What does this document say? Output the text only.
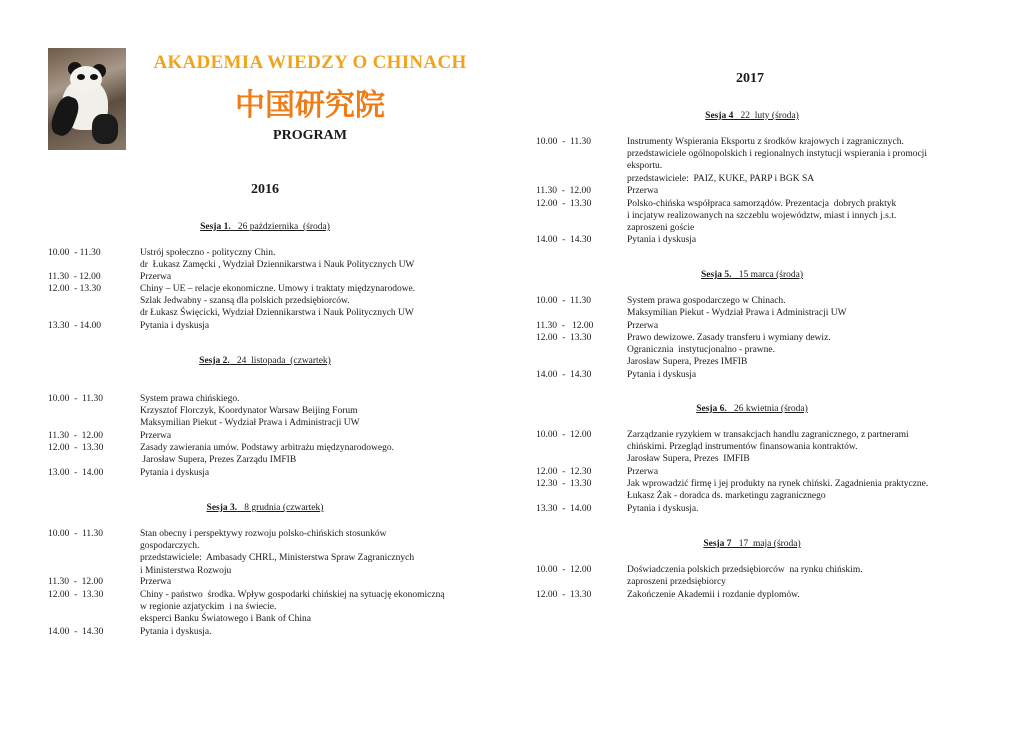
AKADEMIA WIEDZY O CHINACH
中国研究院
PROGRAM
2016
2017
Sesja 1.   26 października  (środa)
10.00  - 11.30	Ustrój społeczno - polityczny Chin.
dr  Łukasz Zamęcki , Wydział Dziennikarstwa i Nauk Politycznych UW
11.30  - 12.00	Przerwa
12.00  - 13.30	Chiny – UE – relacje ekonomiczne. Umowy i traktaty międzynarodowe.
Szlak Jedwabny - szansą dla polskich przedsiębiorców.
dr Łukasz Święcicki, Wydział Dziennikarstwa i Nauk Politycznych UW
13.30  - 14.00	Pytania i dyskusja
Sesja 2.   24  listopada  (czwartek)
10.00  -  11.30	System prawa chińskiego.
Krzysztof Florczyk, Koordynator Warsaw Beijing Forum
Maksymilian Piekut - Wydział Prawa i Administracji UW
11.30  -  12.00	Przerwa
12.00  -  13.30	Zasady zawierania umów. Podstawy arbitrażu międzynarodowego.
Jarosław Supera, Prezes Zarządu IMFIB
13.00  -  14.00	Pytania i dyskusja
Sesja 3.   8 grudnia (czwartek)
10.00  -  11.30	Stan obecny i perspektywy rozwoju polsko-chińskich stosunków
gospodarczych.
przedstawiciele:  Ambasady CHRL, Ministerstwa Spraw Zagranicznych
i Ministerstwa Rozwoju
11.30  -  12.00	Przerwa
12.00  -  13.30	Chiny - państwo  środka. Wpływ gospodarki chińskiej na sytuację ekonomiczną
w regionie azjatyckim  i na świecie.
eksperci Banku Światowego i Bank of China
14.00  -  14.30	Pytania i dyskusja.
Sesja 4   22  luty (środa)
10.00  -  11.30	Instrumenty Wspierania Eksportu z środków krajowych i zagranicznych.
przedstawiciele ogólnopolskich i regionalnych instytucji wspierania i promocji
eksportu.
przedstawiciele:  PAIZ, KUKE, PARP i BGK SA
11.30  -  12.00	Przerwa
12.00  -  13.30	Polsko-chińska współpraca samorządów. Prezentacja  dobrych praktyk
i incjatyw realizowanych na szczeblu województw, miast i innych j.s.t.
zaproszeni goście
14.00  -  14.30	Pytania i dyskusja
Sesja 5.   15 marca (środa)
10.00  -  11.30	System prawa gospodarczego w Chinach.
Maksymilian Piekut - Wydział Prawa i Administracji UW
11.30  -   12.00	Przerwa
12.00  -  13.30	Prawo dewizowe. Zasady transferu i wymiany dewiz.
Ogranicznia  instytucjonalno - prawne.
Jarosław Supera, Prezes IMFIB
14.00  -  14.30	Pytania i dyskusja
Sesja 6.   26 kwietnia (środa)
10.00  -  12.00	Zarządzanie ryzykiem w transakcjach handlu zagranicznego, z partnerami
chińskimi. Przegląd instrumentów finansowania kontraktów.
Jarosław Supera, Prezes  IMFIB
12.00  -  12.30	Przerwa
12.30  -  13.30	Jak wprowadzić firmę i jej produkty na rynek chiński. Zagadnienia praktyczne.
Łukasz Żak - doradca ds. marketingu zagranicznego
13.30  -  14.00	Pytania i dyskusja.
Sesja 7   17  maja (środa)
10.00  -  12.00	Doświadczenia polskich przedsiębiorców  na rynku chińskim.
zaproszeni przedsiębiorcy
12.00  -  13.30	Zakończenie Akademii i rozdanie dyplomów.
